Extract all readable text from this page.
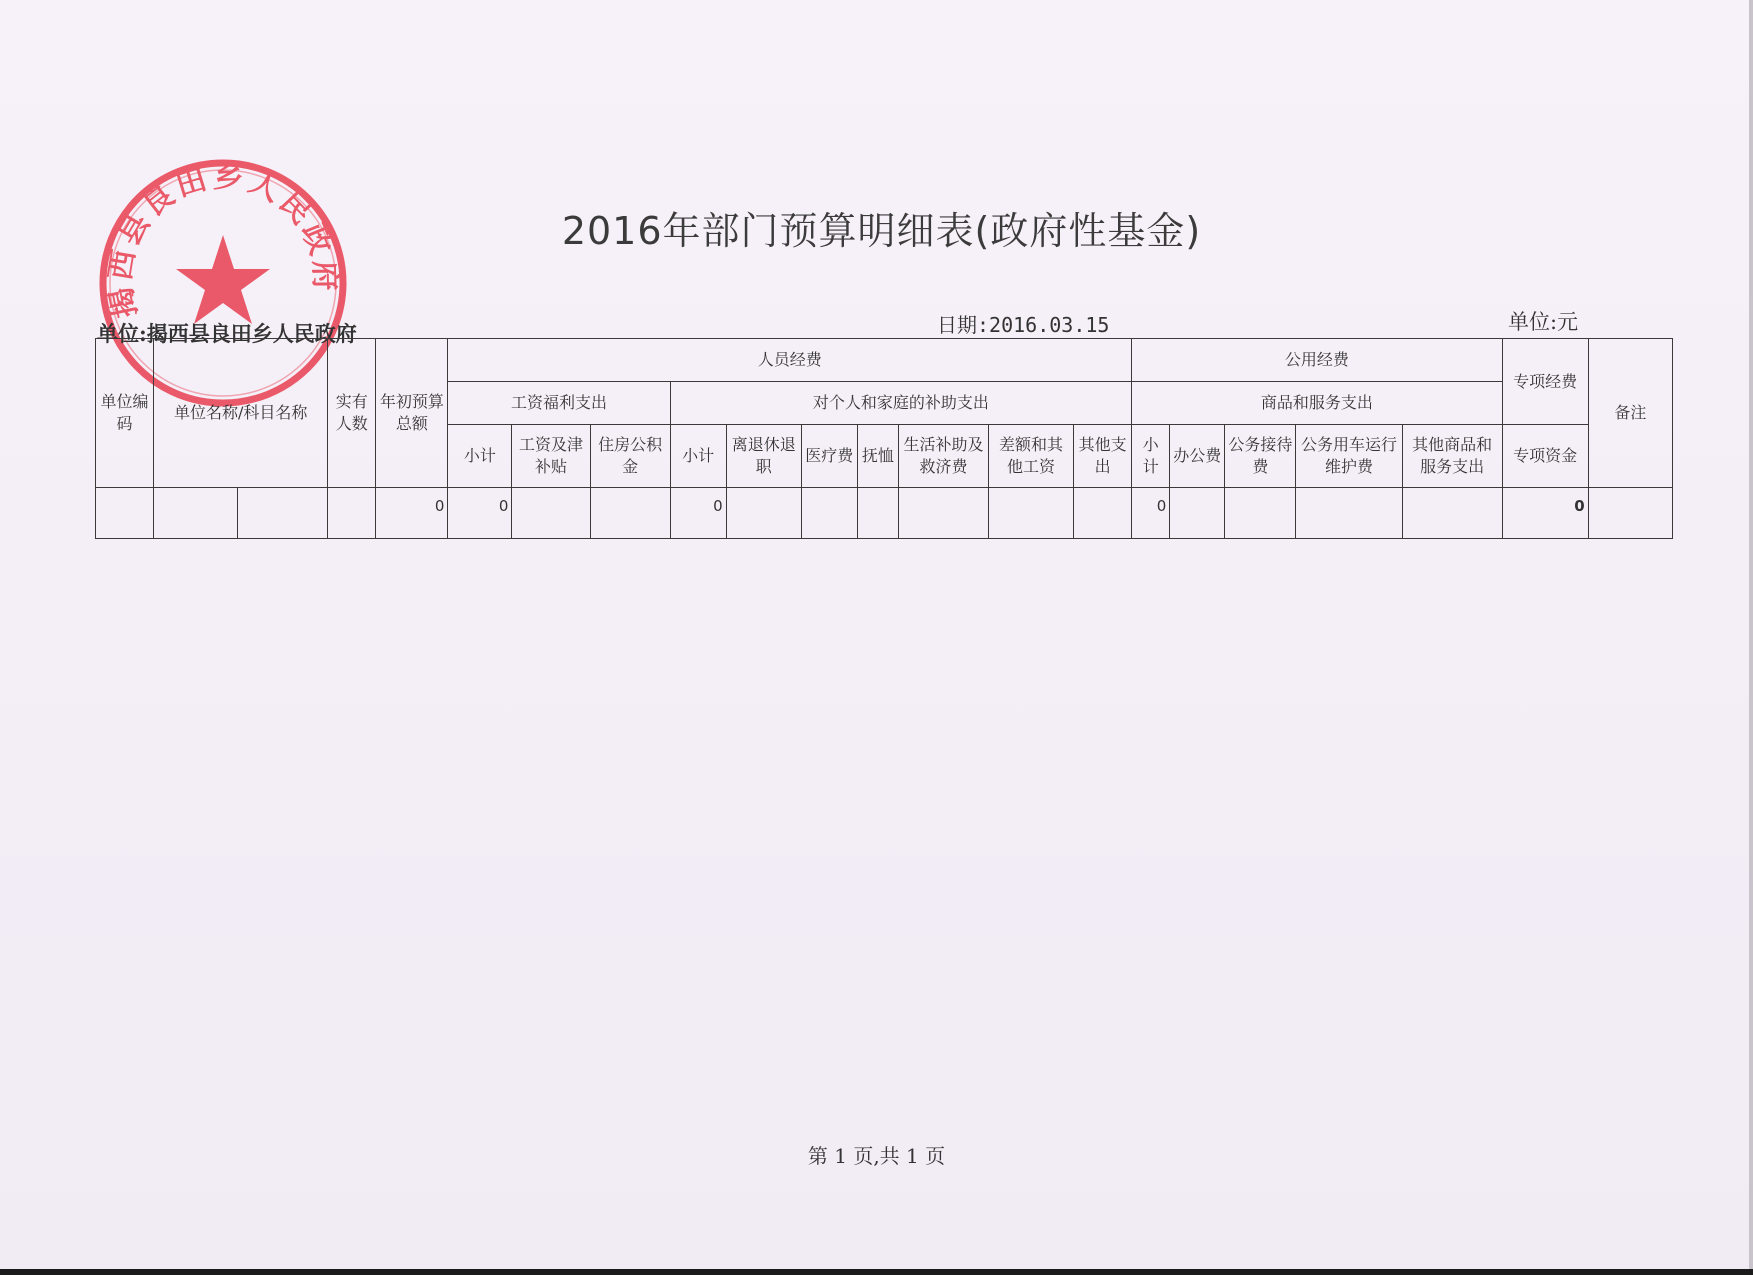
揭西县良田乡人民政府
2016年部门预算明细表(政府性基金)
单位:揭西县良田乡人民政府	日期:2016.03.15	单位:元
单位编码	单位名称/科目名称		实有人数	年初预算总额	人员经费										公用经费					专项经费	备注
					工资福利支出			对个人和家庭的补助支出							商品和服务支出						
					小计	工资及津补贴	住房公积金	小计	离退休退职	医疗费	抚恤	生活补助及救济费	差额和其他工资	其他支出	小计	办公费	公务接待费	公务用车运行维护费	其他商品和服务支出	专项资金	
				0	0			0							0					0	
第 1 页,共 1 页
